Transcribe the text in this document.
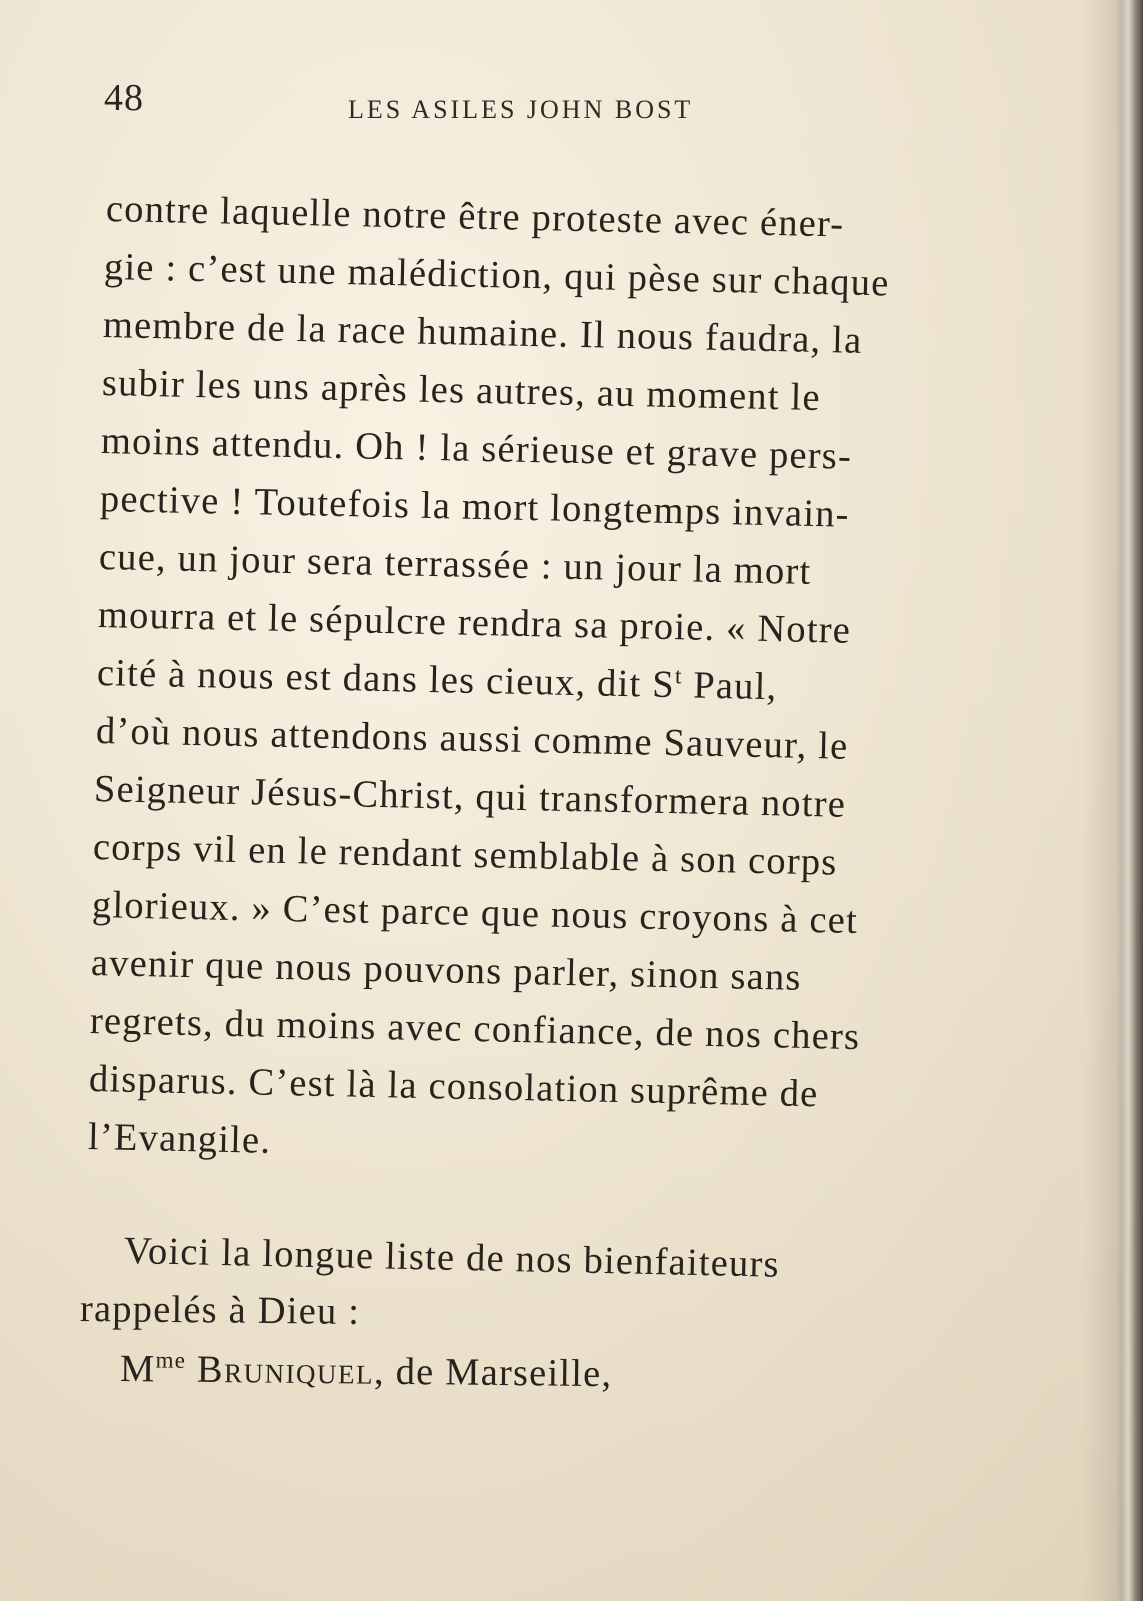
48	LES ASILES JOHN BOST
contre laquelle notre être proteste avec éner-
gie : c’est une malédiction, qui pèse sur chaque
membre de la race humaine. Il nous faudra, la
subir les uns après les autres, au moment le
moins attendu. Oh ! la sérieuse et grave pers-
pective ! Toutefois la mort longtemps invain-
cue, un jour sera terrassée : un jour la mort
mourra et le sépulcre rendra sa proie. « Notre
cité à nous est dans les cieux, dit $S^t$ Paul,
d’où nous attendons aussi comme Sauveur, le
Seigneur Jésus-Christ, qui transformera notre
corps vil en le rendant semblable à son corps
glorieux. » C’est parce que nous croyons à cet
avenir que nous pouvons parler, sinon sans
regrets, du moins avec confiance, de nos chers
disparus. C’est là la consolation suprême de
l’Evangile.
Voici la longue liste de nos bienfaiteurs
rappelés à Dieu :
$M^{me}$ Bruniquel, de Marseille,
